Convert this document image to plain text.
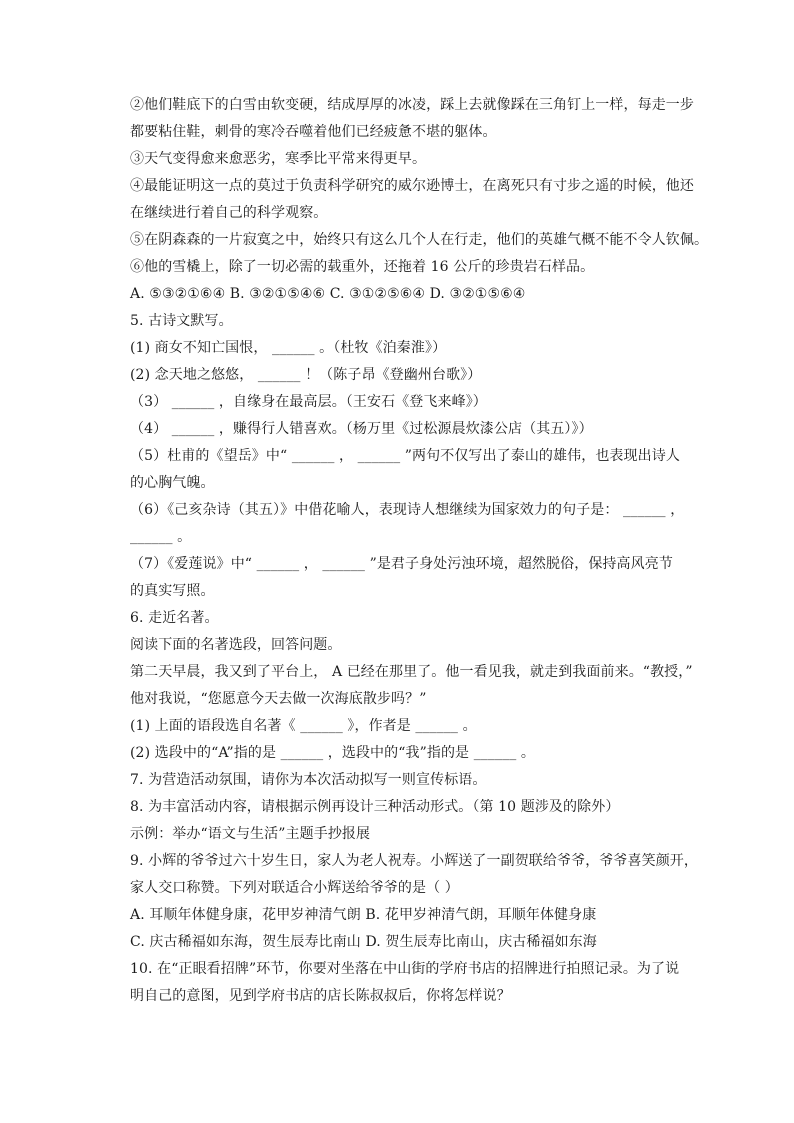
②他们鞋底下的白雪由软变硬，结成厚厚的冰凌，踩上去就像踩在三角钉上一样，每走一步
都要粘住鞋，刺骨的寒冷吞噬着他们已经疲惫不堪的躯体。
③天气变得愈来愈恶劣，寒季比平常来得更早。
④最能证明这一点的莫过于负责科学研究的威尔逊博士，在离死只有寸步之遥的时候，他还
在继续进行着自己的科学观察。
⑤在阴森森的一片寂寞之中，始终只有这么几个人在行走，他们的英雄气概不能不令人钦佩。
⑥他的雪橇上，除了一切必需的载重外，还拖着 16 公斤的珍贵岩石样品。
A. ⑤③②①⑥④ B. ③②①⑤④⑥ C. ③①②⑤⑥④ D. ③②①⑤⑥④
5. 古诗文默写。
(1) 商女不知亡国恨， ______ 。（杜牧《泊秦淮》）
(2) 念天地之悠悠， ______ ！（陈子昂《登幽州台歌》）
（3） ______ ，自缘身在最高层。（王安石《登飞来峰》）
（4） ______ ，赚得行人错喜欢。（杨万里《过松源晨炊漆公店（其五）》）
（5）杜甫的《望岳》中“ ______ ， ______ ”两句不仅写出了泰山的雄伟，也表现出诗人
的心胸气魄。
（6）《己亥杂诗（其五）》中借花喻人，表现诗人想继续为国家效力的句子是： ______ ，
______ 。
（7）《爱莲说》中“ ______ ， ______ ”是君子身处污浊环境，超然脱俗，保持高风亮节
的真实写照。
6. 走近名著。
阅读下面的名著选段，回答问题。
第二天早晨，我又到了平台上， A 已经在那里了。他一看见我，就走到我面前来。“教授，”
他对我说，“您愿意今天去做一次海底散步吗？”
(1) 上面的语段选自名著《 ______ 》，作者是 ______ 。
(2) 选段中的“A”指的是 ______ ，选段中的“我”指的是 ______ 。
7. 为营造活动氛围，请你为本次活动拟写一则宣传标语。
8. 为丰富活动内容，请根据示例再设计三种活动形式。（第 10 题涉及的除外）
示例：举办“语文与生活”主题手抄报展
9. 小辉的爷爷过六十岁生日，家人为老人祝寿。小辉送了一副贺联给爷爷，爷爷喜笑颜开，
家人交口称赞。下列对联适合小辉送给爷爷的是（ ）
A. 耳顺年体健身康，花甲岁神清气朗 B. 花甲岁神清气朗，耳顺年体健身康
C. 庆古稀福如东海，贺生辰寿比南山 D. 贺生辰寿比南山，庆古稀福如东海
10. 在“正眼看招牌”环节，你要对坐落在中山街的学府书店的招牌进行拍照记录。为了说
明自己的意图，见到学府书店的店长陈叔叔后，你将怎样说？
